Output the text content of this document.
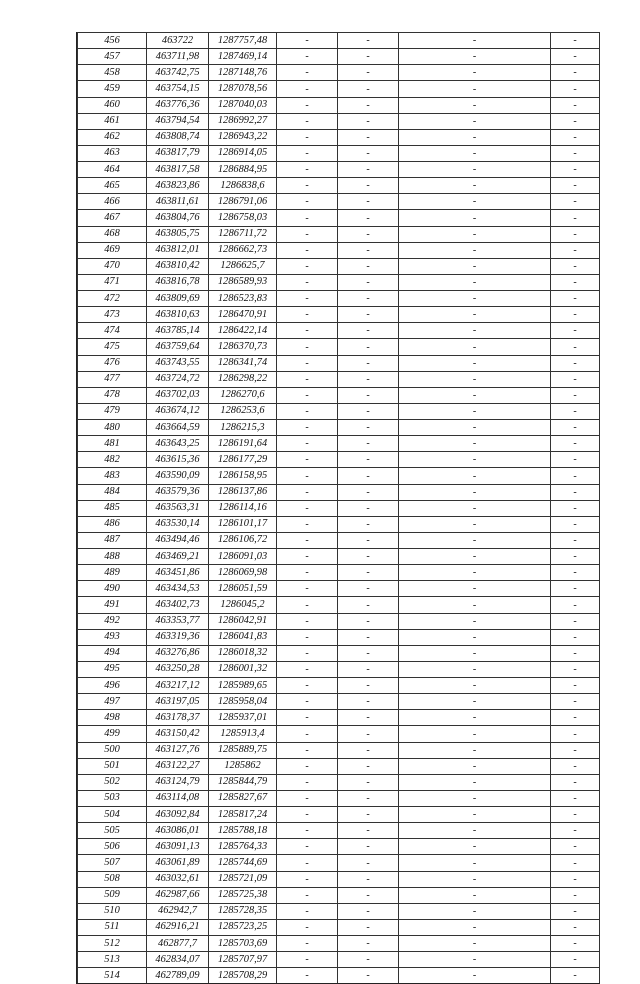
456	463722	1287757,48	-	-	-	-
457	463711,98	1287469,14	-	-	-	-
458	463742,75	1287148,76	-	-	-	-
459	463754,15	1287078,56	-	-	-	-
460	463776,36	1287040,03	-	-	-	-
461	463794,54	1286992,27	-	-	-	-
462	463808,74	1286943,22	-	-	-	-
463	463817,79	1286914,05	-	-	-	-
464	463817,58	1286884,95	-	-	-	-
465	463823,86	1286838,6	-	-	-	-
466	463811,61	1286791,06	-	-	-	-
467	463804,76	1286758,03	-	-	-	-
468	463805,75	1286711,72	-	-	-	-
469	463812,01	1286662,73	-	-	-	-
470	463810,42	1286625,7	-	-	-	-
471	463816,78	1286589,93	-	-	-	-
472	463809,69	1286523,83	-	-	-	-
473	463810,63	1286470,91	-	-	-	-
474	463785,14	1286422,14	-	-	-	-
475	463759,64	1286370,73	-	-	-	-
476	463743,55	1286341,74	-	-	-	-
477	463724,72	1286298,22	-	-	-	-
478	463702,03	1286270,6	-	-	-	-
479	463674,12	1286253,6	-	-	-	-
480	463664,59	1286215,3	-	-	-	-
481	463643,25	1286191,64	-	-	-	-
482	463615,36	1286177,29	-	-	-	-
483	463590,09	1286158,95	-	-	-	-
484	463579,36	1286137,86	-	-	-	-
485	463563,31	1286114,16	-	-	-	-
486	463530,14	1286101,17	-	-	-	-
487	463494,46	1286106,72	-	-	-	-
488	463469,21	1286091,03	-	-	-	-
489	463451,86	1286069,98	-	-	-	-
490	463434,53	1286051,59	-	-	-	-
491	463402,73	1286045,2	-	-	-	-
492	463353,77	1286042,91	-	-	-	-
493	463319,36	1286041,83	-	-	-	-
494	463276,86	1286018,32	-	-	-	-
495	463250,28	1286001,32	-	-	-	-
496	463217,12	1285989,65	-	-	-	-
497	463197,05	1285958,04	-	-	-	-
498	463178,37	1285937,01	-	-	-	-
499	463150,42	1285913,4	-	-	-	-
500	463127,76	1285889,75	-	-	-	-
501	463122,27	1285862	-	-	-	-
502	463124,79	1285844,79	-	-	-	-
503	463114,08	1285827,67	-	-	-	-
504	463092,84	1285817,24	-	-	-	-
505	463086,01	1285788,18	-	-	-	-
506	463091,13	1285764,33	-	-	-	-
507	463061,89	1285744,69	-	-	-	-
508	463032,61	1285721,09	-	-	-	-
509	462987,66	1285725,38	-	-	-	-
510	462942,7	1285728,35	-	-	-	-
511	462916,21	1285723,25	-	-	-	-
512	462877,7	1285703,69	-	-	-	-
513	462834,07	1285707,97	-	-	-	-
514	462789,09	1285708,29	-	-	-	-
